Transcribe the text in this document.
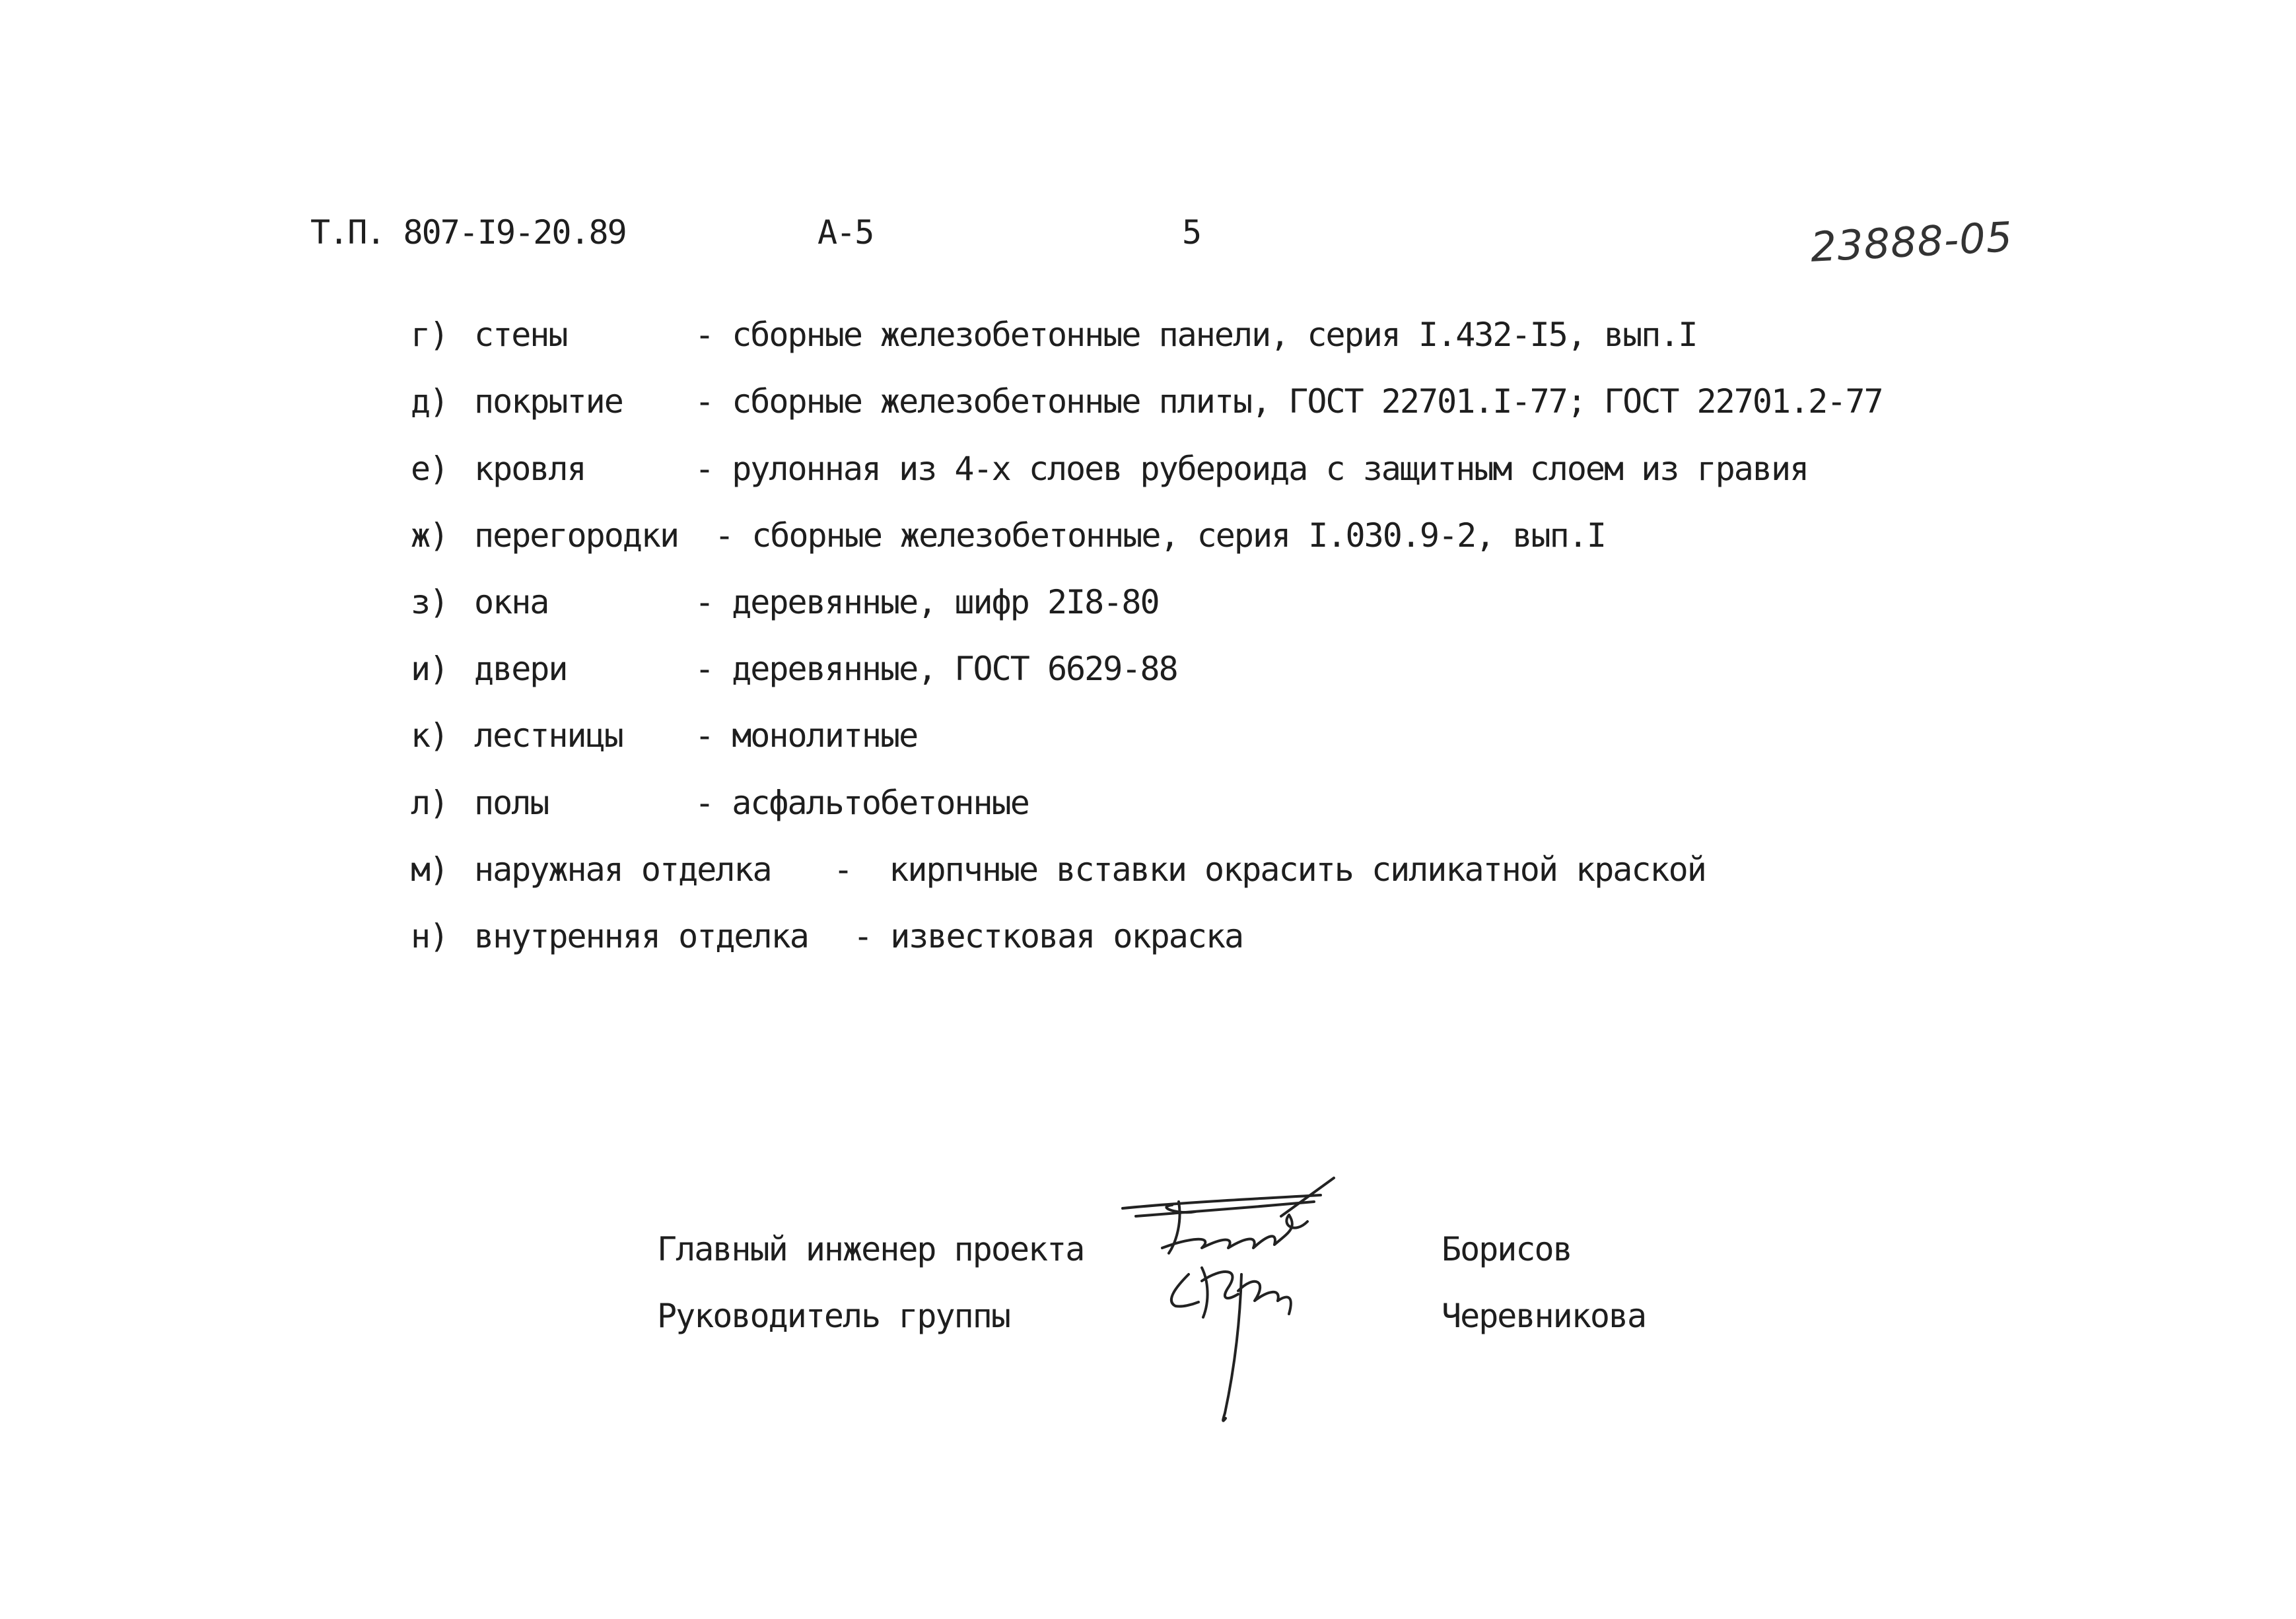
Т.П. 807-I9-20.89	А-5	5	23888-05
г) стены	- сборные железобетонные панели, серия I.432-I5, вып.I
д) покрытие - сборные железобетонные плиты, ГОСТ 22701.I-77; ГОСТ 22701.2-77
е) кровля	- рулонная из 4-х слоев рубероида с защитным слоем из гравия
ж) перегородки - сборные железобетонные, серия I.030.9-2, вып.I
з) окна	- деревянные, шифр 2I8-80
и) двери	- деревянные, ГОСТ 6629-88
к) лестницы - монолитные
л) полы	- асфальтобетонные
м) наружная отделка -  кирпчные вставки окрасить силикатной краской
н) внутренняя отделка - известковая окраска
Главный инженер проекта	Борисов
Руководитель группы	Черевникова
